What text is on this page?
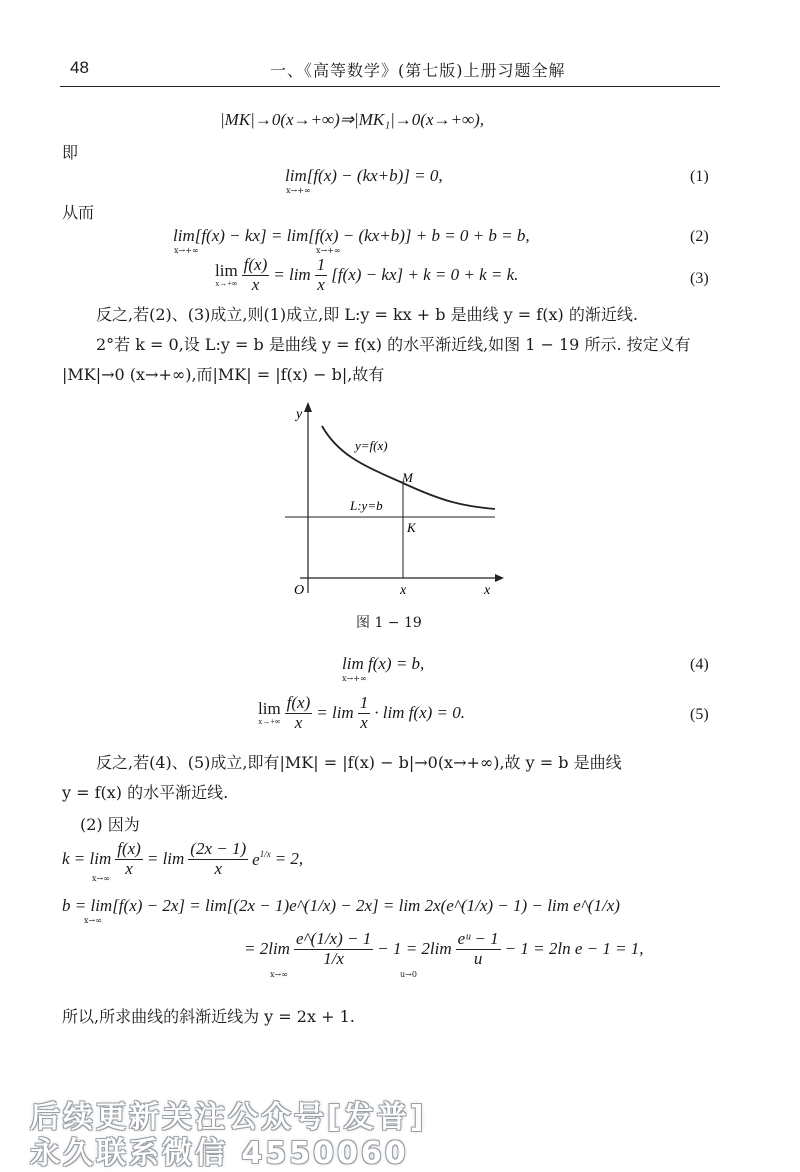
48	一、《高等数学》(第七版)上册习题全解
|MK|→0(x→+∞)⇒|MK₁|→0(x→+∞),
即
lim[f(x) − (kx+b)] = 0,
x→+∞
(1)
从而
lim[f(x) − kx] = lim[f(x) − (kx+b)] + b = 0 + b = b,
x→+∞	x→+∞
(2)
lim
$x\to+\infty \frac{f(x)}{x} = \lim \frac{1}{x} [f(x) - kx] + k = 0 + k = k$.	(3)
反之,若(2)、(3)成立,则(1)成立,即 L:y = kx + b 是曲线 y = f(x) 的渐近线.
2°若 k = 0,设 L:y = b 是曲线 y = f(x) 的水平渐近线,如图 1 − 19 所示. 按定义有
|MK|→0 (x→+∞),而|MK| = |f(x) − b|,故有
y
x
O
y=f(x)
L:y=b
M
K
x
图 1 − 19
lim f(x) = b,
x→+∞
(4)
lim
$x\to+\infty \frac{f(x)}{x} = \lim \frac{1}{x} \cdot \lim f(x) = 0$.	(5)
反之,若(4)、(5)成立,即有|MK| = |f(x) − b|→0(x→+∞),故 y = b 是曲线
y = f(x) 的水平渐近线.
(2) 因为
$k = \lim \frac{f(x)}{x} = \lim \frac{(2x - 1)}{x} e^{1/x} = 2$,
x→∞
b = lim[f(x) − 2x] = lim[(2x − 1)e^(1/x) − 2x] = lim 2x(e^(1/x) − 1) − lim e^(1/x)
x→∞
= $2\lim \frac{e\^{}(1/x) - 1}{1/x} - 1 = 2\lim \frac{\text{eᵘ − 1}}{u} - 1 = 2\ln$ e − 1 = 1,
x→∞	u→0
所以,所求曲线的斜渐近线为 y = 2x + 1.
后续更新关注公众号[发普]
永久联系微信 4550060
